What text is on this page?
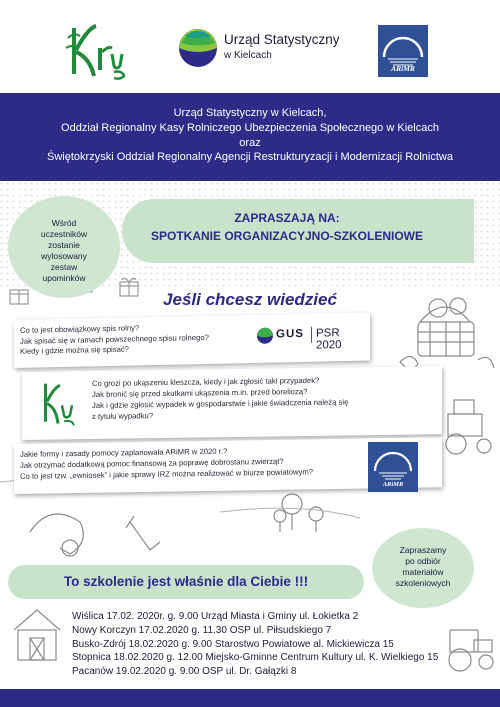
Urząd Statystyczny
w Kielcach
ARiMR
Urząd Statystyczny w Kielcach,
Oddział Regionalny Kasy Rolniczego Ubezpieczenia Społecznego w Kielcach
oraz
Świętokrzyski Oddział Regionalny Agencji Restrukturyzacji i Modernizacji Rolnictwa
Wśród
uczestników
zostanie
wylosowany
zestaw
upominków
ZAPRASZAJĄ NA:
SPOTKANIE ORGANIZACYJNO-SZKOLENIOWE
Jeśli chcesz wiedzieć
Co to jest obowiązkowy spis rolny?
Jak spisać się w ramach powszechnego spisu rolnego?
Kiedy i gdzie można się spisać?
GUS PSR 2020
Co grozi po ukąszeniu kleszcza, kiedy i jak zgłosić taki przypadek?
Jak bronić się przed skutkami ukąszenia m.in. przed boreliozą?
Jak i gdzie zgłosić wypadek w gospodarstwie i jakie świadczenia należą się
z tytułu wypadku?
Jakie formy i zasady pomocy zaplanowała ARiMR w 2020 r.?
Jak otrzymać dodatkową pomoc finansową za poprawę dobrostanu zwierząt?
Co to jest tzw. „ewniosek” i jakie sprawy IRZ można realizować w biurze powiatowym?
ARiMR
Zapraszamy
po odbiór
materiałów
szkoleniowych
To szkolenie jest właśnie dla Ciebie !!!
Wiślica 17.02. 2020r. g. 9.00 Urząd Miasta i Gminy ul. Łokietka 2
Nowy Korczyn 17.02.2020 g. 11.30 OSP ul. Piłsudskiego 7
Busko-Zdrój 18.02.2020 g. 9.00 Starostwo Powiatowe al. Mickiewicza 15
Stopnica 18.02.2020 g. 12.00 Miejsko-Gminne Centrum Kultury ul. K. Wielkiego 15
Pacanów 19.02.2020 g. 9.00 OSP ul. Dr. Gałązki 8
